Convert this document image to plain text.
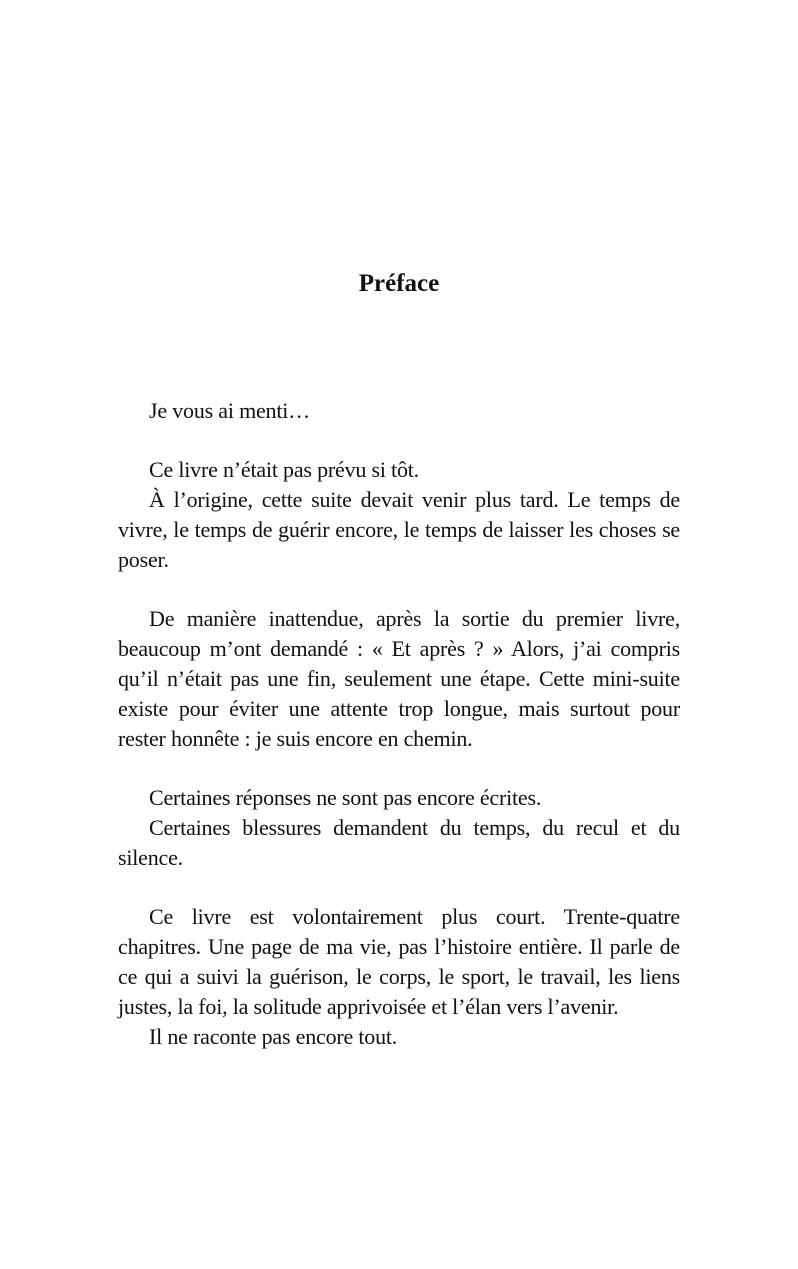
Préface

Je vous ai menti…

Ce livre n’était pas prévu si tôt.

À l’origine, cette suite devait venir plus tard. Le temps de vivre, le temps de guérir encore, le temps de laisser les choses se poser.

De manière inattendue, après la sortie du premier livre, beaucoup m’ont demandé : « Et après ? » Alors, j’ai compris qu’il n’était pas une fin, seulement une étape. Cette mini-suite existe pour éviter une attente trop longue, mais surtout pour rester honnête : je suis encore en chemin.

Certaines réponses ne sont pas encore écrites.

Certaines blessures demandent du temps, du recul et du silence.

Ce livre est volontairement plus court. Trente-quatre chapitres. Une page de ma vie, pas l’histoire entière. Il parle de ce qui a suivi la guérison, le corps, le sport, le travail, les liens justes, la foi, la solitude apprivoisée et l’élan vers l’avenir.

Il ne raconte pas encore tout.
